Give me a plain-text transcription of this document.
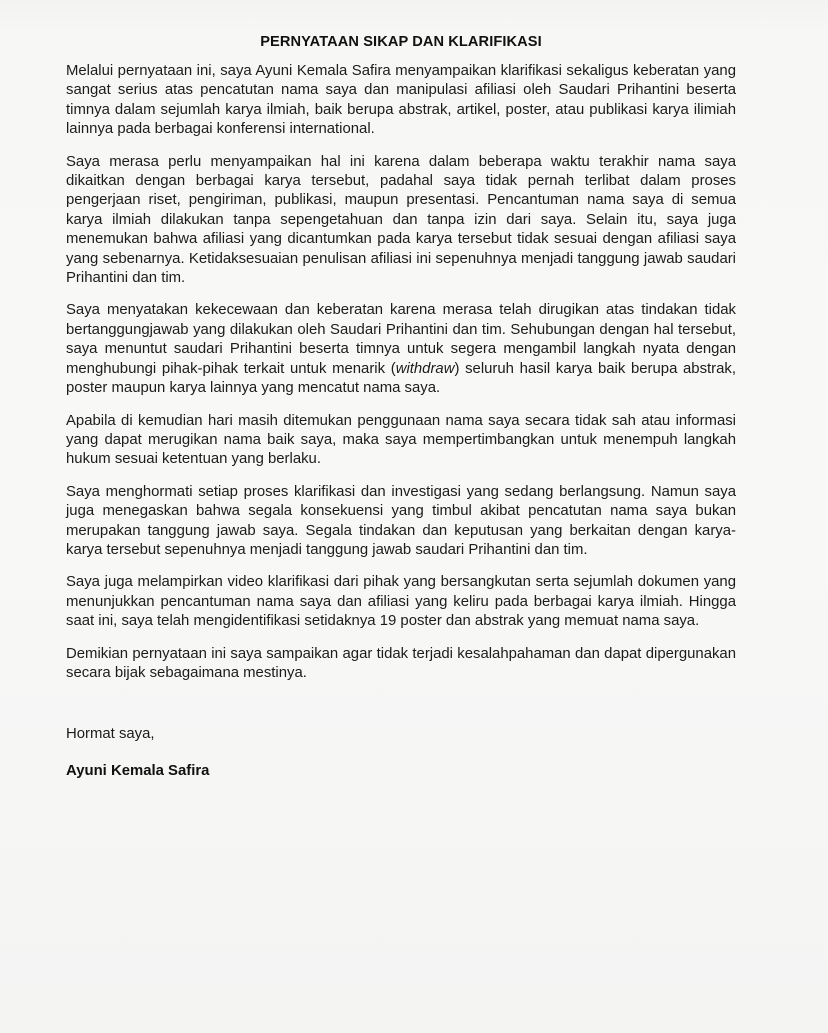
PERNYATAAN SIKAP DAN KLARIFIKASI

Melalui pernyataan ini, saya Ayuni Kemala Safira menyampaikan klarifikasi sekaligus keberatan yang sangat serius atas pencatutan nama saya dan manipulasi afiliasi oleh Saudari Prihantini beserta timnya dalam sejumlah karya ilmiah, baik berupa abstrak, artikel, poster, atau publikasi karya ilimiah lainnya pada berbagai konferensi international.

Saya merasa perlu menyampaikan hal ini karena dalam beberapa waktu terakhir nama saya dikaitkan dengan berbagai karya tersebut, padahal saya tidak pernah terlibat dalam proses pengerjaan riset, pengiriman, publikasi, maupun presentasi. Pencantuman nama saya di semua karya ilmiah dilakukan tanpa sepengetahuan dan tanpa izin dari saya. Selain itu, saya juga menemukan bahwa afiliasi yang dicantumkan pada karya tersebut tidak sesuai dengan afiliasi saya yang sebenarnya. Ketidaksesuaian penulisan afiliasi ini sepenuhnya menjadi tanggung jawab saudari Prihantini dan tim.

Saya menyatakan kekecewaan dan keberatan karena merasa telah dirugikan atas tindakan tidak bertanggungjawab yang dilakukan oleh Saudari Prihantini dan tim. Sehubungan dengan hal tersebut, saya menuntut saudari Prihantini beserta timnya untuk segera mengambil langkah nyata dengan menghubungi pihak-pihak terkait untuk menarik (withdraw) seluruh hasil karya baik berupa abstrak, poster maupun karya lainnya yang mencatut nama saya.

Apabila di kemudian hari masih ditemukan penggunaan nama saya secara tidak sah atau informasi yang dapat merugikan nama baik saya, maka saya mempertimbangkan untuk menempuh langkah hukum sesuai ketentuan yang berlaku.

Saya menghormati setiap proses klarifikasi dan investigasi yang sedang berlangsung. Namun saya juga menegaskan bahwa segala konsekuensi yang timbul akibat pencatutan nama saya bukan merupakan tanggung jawab saya. Segala tindakan dan keputusan yang berkaitan dengan karya-karya tersebut sepenuhnya menjadi tanggung jawab saudari Prihantini dan tim.

Saya juga melampirkan video klarifikasi dari pihak yang bersangkutan serta sejumlah dokumen yang menunjukkan pencantuman nama saya dan afiliasi yang keliru pada berbagai karya ilmiah. Hingga saat ini, saya telah mengidentifikasi setidaknya 19 poster dan abstrak yang memuat nama saya.

Demikian pernyataan ini saya sampaikan agar tidak terjadi kesalahpahaman dan dapat dipergunakan secara bijak sebagaimana mestinya.

Hormat saya,

Ayuni Kemala Safira
